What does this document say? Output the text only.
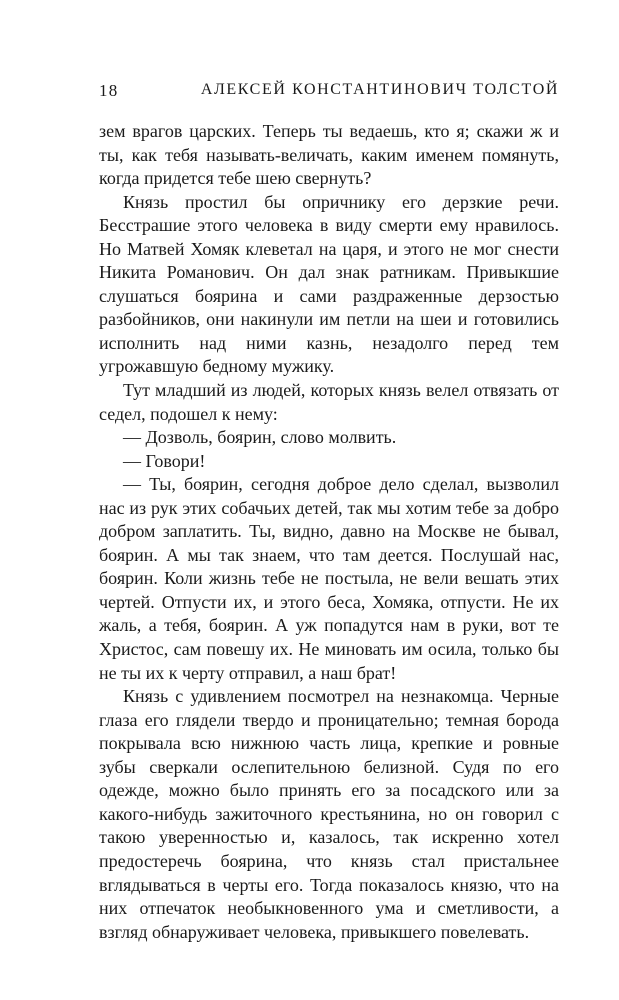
18	АЛЕКСЕЙ КОНСТАНТИНОВИЧ ТОЛСТОЙ

зем врагов царских. Теперь ты ведаешь, кто я; скажи ж и ты, как тебя называть-величать, каким именем помянуть, когда придется тебе шею свернуть?

Князь простил бы опричнику его дерзкие речи. Бесстрашие этого человека в виду смерти ему нравилось. Но Матвей Хомяк клеветал на царя, и этого не мог снести Никита Романович. Он дал знак ратникам. Привыкшие слушаться боярина и сами раздраженные дерзостью разбойников, они накинули им петли на шеи и готовились исполнить над ними казнь, незадолго перед тем угрожавшую бедному мужику.

Тут младший из людей, которых князь велел отвязать от седел, подошел к нему:

— Дозволь, боярин, слово молвить.

— Говори!

— Ты, боярин, сегодня доброе дело сделал, вызволил нас из рук этих собачьих детей, так мы хотим тебе за добро добром заплатить. Ты, видно, давно на Москве не бывал, боярин. А мы так знаем, что там деется. Послушай нас, боярин. Коли жизнь тебе не постыла, не вели вешать этих чертей. Отпусти их, и этого беса, Хомяка, отпусти. Не их жаль, а тебя, боярин. А уж попадутся нам в руки, вот те Христос, сам повешу их. Не миновать им осила, только бы не ты их к черту отправил, а наш брат!

Князь с удивлением посмотрел на незнакомца. Черные глаза его глядели твердо и проницательно; темная борода покрывала всю нижнюю часть лица, крепкие и ровные зубы сверкали ослепительною белизной. Судя по его одежде, можно было принять его за посадского или за какого-нибудь зажиточного крестьянина, но он говорил с такою уверенностью и, казалось, так искренно хотел предостеречь боярина, что князь стал пристальнее вглядываться в черты его. Тогда показалось князю, что на них отпечаток необыкновенного ума и сметливости, а взгляд обнаруживает человека, привыкшего повелевать.
